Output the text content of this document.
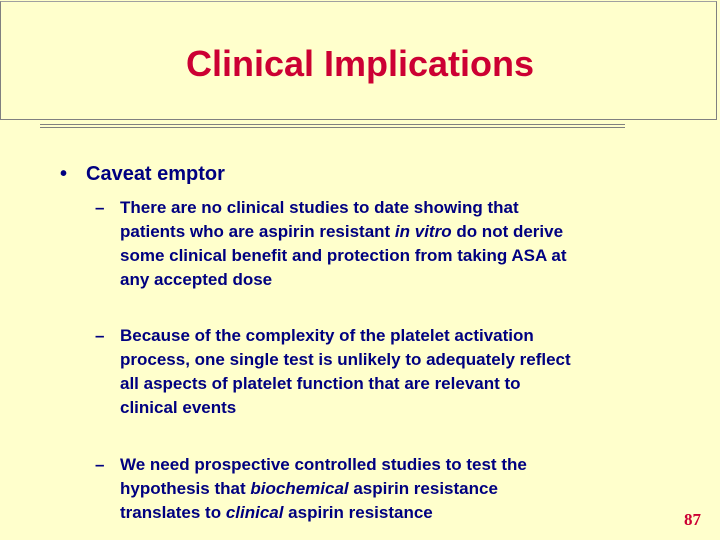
Clinical Implications
• Caveat emptor
– There are no clinical studies to date showing that
patients who are aspirin resistant in vitro do not derive
some clinical benefit and protection from taking ASA at
any accepted dose
– Because of the complexity of the platelet activation
process, one single test is unlikely to adequately reflect
all aspects of platelet function that are relevant to
clinical events
– We need prospective controlled studies to test the
hypothesis that biochemical aspirin resistance
translates to clinical aspirin resistance	87
